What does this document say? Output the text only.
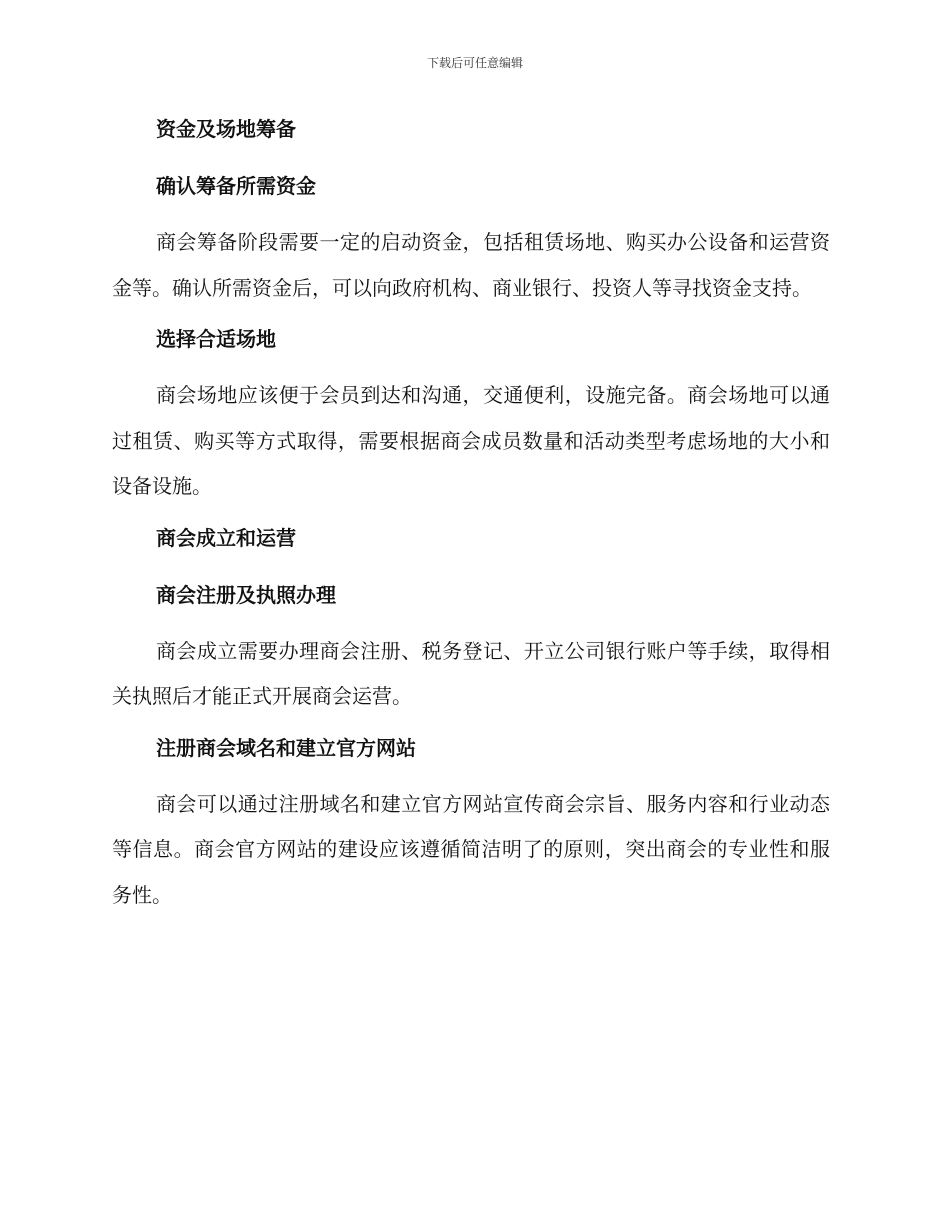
下载后可任意编辑
资金及场地筹备
确认筹备所需资金
商会筹备阶段需要一定的启动资金，包括租赁场地、购买办公设备和运营资金等。确认所需资金后，可以向政府机构、商业银行、投资人等寻找资金支持。
选择合适场地
商会场地应该便于会员到达和沟通，交通便利，设施完备。商会场地可以通过租赁、购买等方式取得，需要根据商会成员数量和活动类型考虑场地的大小和设备设施。
商会成立和运营
商会注册及执照办理
商会成立需要办理商会注册、税务登记、开立公司银行账户等手续，取得相关执照后才能正式开展商会运营。
注册商会域名和建立官方网站
商会可以通过注册域名和建立官方网站宣传商会宗旨、服务内容和行业动态等信息。商会官方网站的建设应该遵循简洁明了的原则，突出商会的专业性和服务性。
